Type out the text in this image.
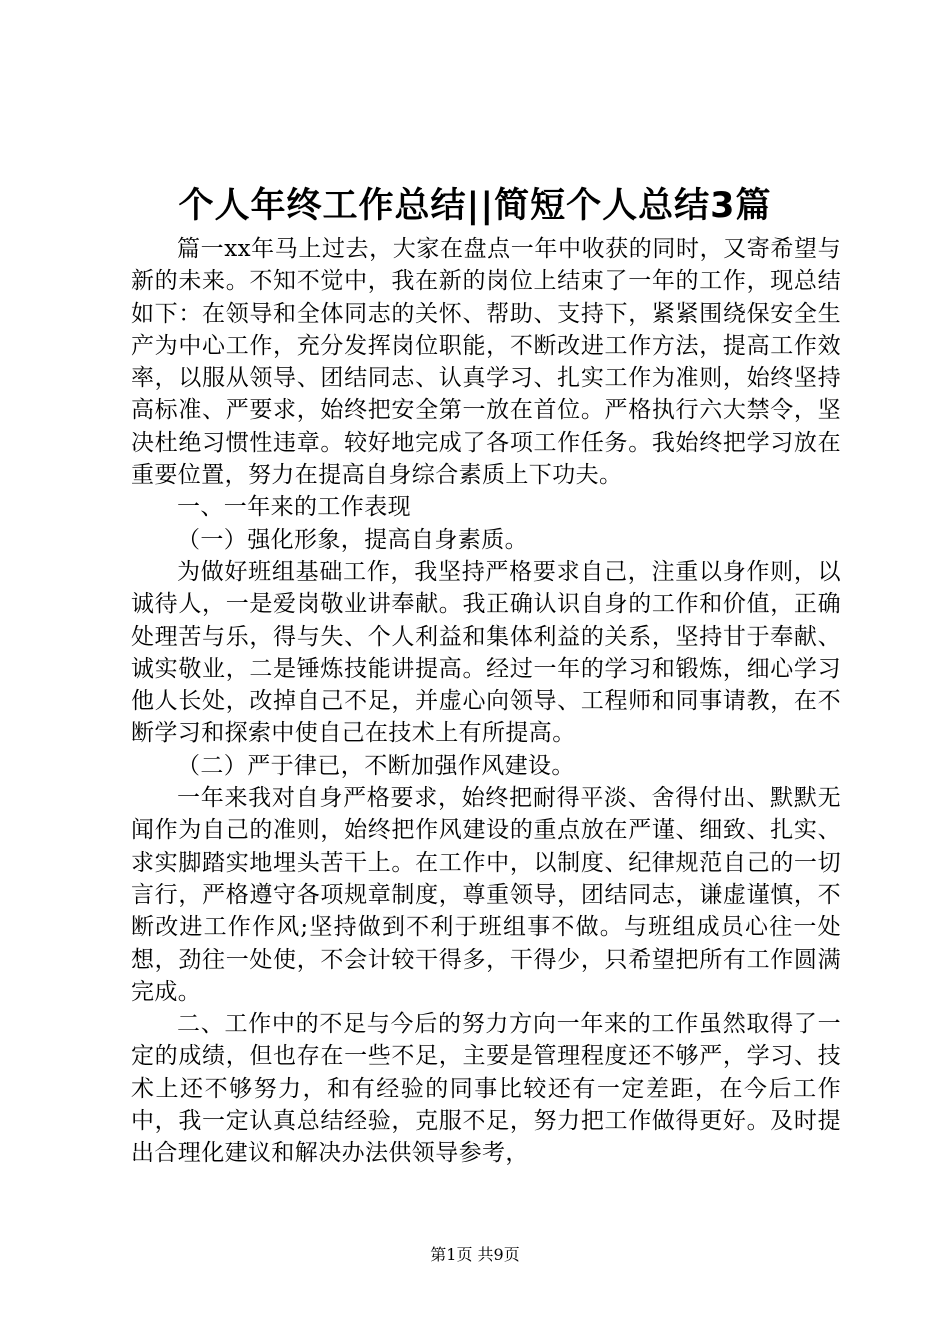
个人年终工作总结||简短个人总结3篇

篇一xx年马上过去，大家在盘点一年中收获的同时，又寄希望与新的未来。不知不觉中，我在新的岗位上结束了一年的工作，现总结如下：在领导和全体同志的关怀、帮助、支持下，紧紧围绕保安全生产为中心工作，充分发挥岗位职能，不断改进工作方法，提高工作效率，以服从领导、团结同志、认真学习、扎实工作为准则，始终坚持高标准、严要求，始终把安全第一放在首位。严格执行六大禁令，坚决杜绝习惯性违章。较好地完成了各项工作任务。我始终把学习放在重要位置，努力在提高自身综合素质上下功夫。

一、一年来的工作表现

（一）强化形象，提高自身素质。

为做好班组基础工作，我坚持严格要求自己，注重以身作则，以诚待人，一是爱岗敬业讲奉献。我正确认识自身的工作和价值，正确处理苦与乐，得与失、个人利益和集体利益的关系，坚持甘于奉献、诚实敬业，二是锤炼技能讲提高。经过一年的学习和锻炼，细心学习他人长处，改掉自己不足，并虚心向领导、工程师和同事请教，在不断学习和探索中使自己在技术上有所提高。

（二）严于律已，不断加强作风建设。

一年来我对自身严格要求，始终把耐得平淡、舍得付出、默默无闻作为自己的准则，始终把作风建设的重点放在严谨、细致、扎实、求实脚踏实地埋头苦干上。在工作中，以制度、纪律规范自己的一切言行，严格遵守各项规章制度，尊重领导，团结同志，谦虚谨慎，不断改进工作作风;坚持做到不利于班组事不做。与班组成员心往一处想，劲往一处使，不会计较干得多，干得少，只希望把所有工作圆满完成。

二、工作中的不足与今后的努力方向一年来的工作虽然取得了一定的成绩，但也存在一些不足，主要是管理程度还不够严，学习、技术上还不够努力，和有经验的同事比较还有一定差距，在今后工作中，我一定认真总结经验，克服不足，努力把工作做得更好。及时提出合理化建议和解决办法供领导参考，

第1页 共9页
